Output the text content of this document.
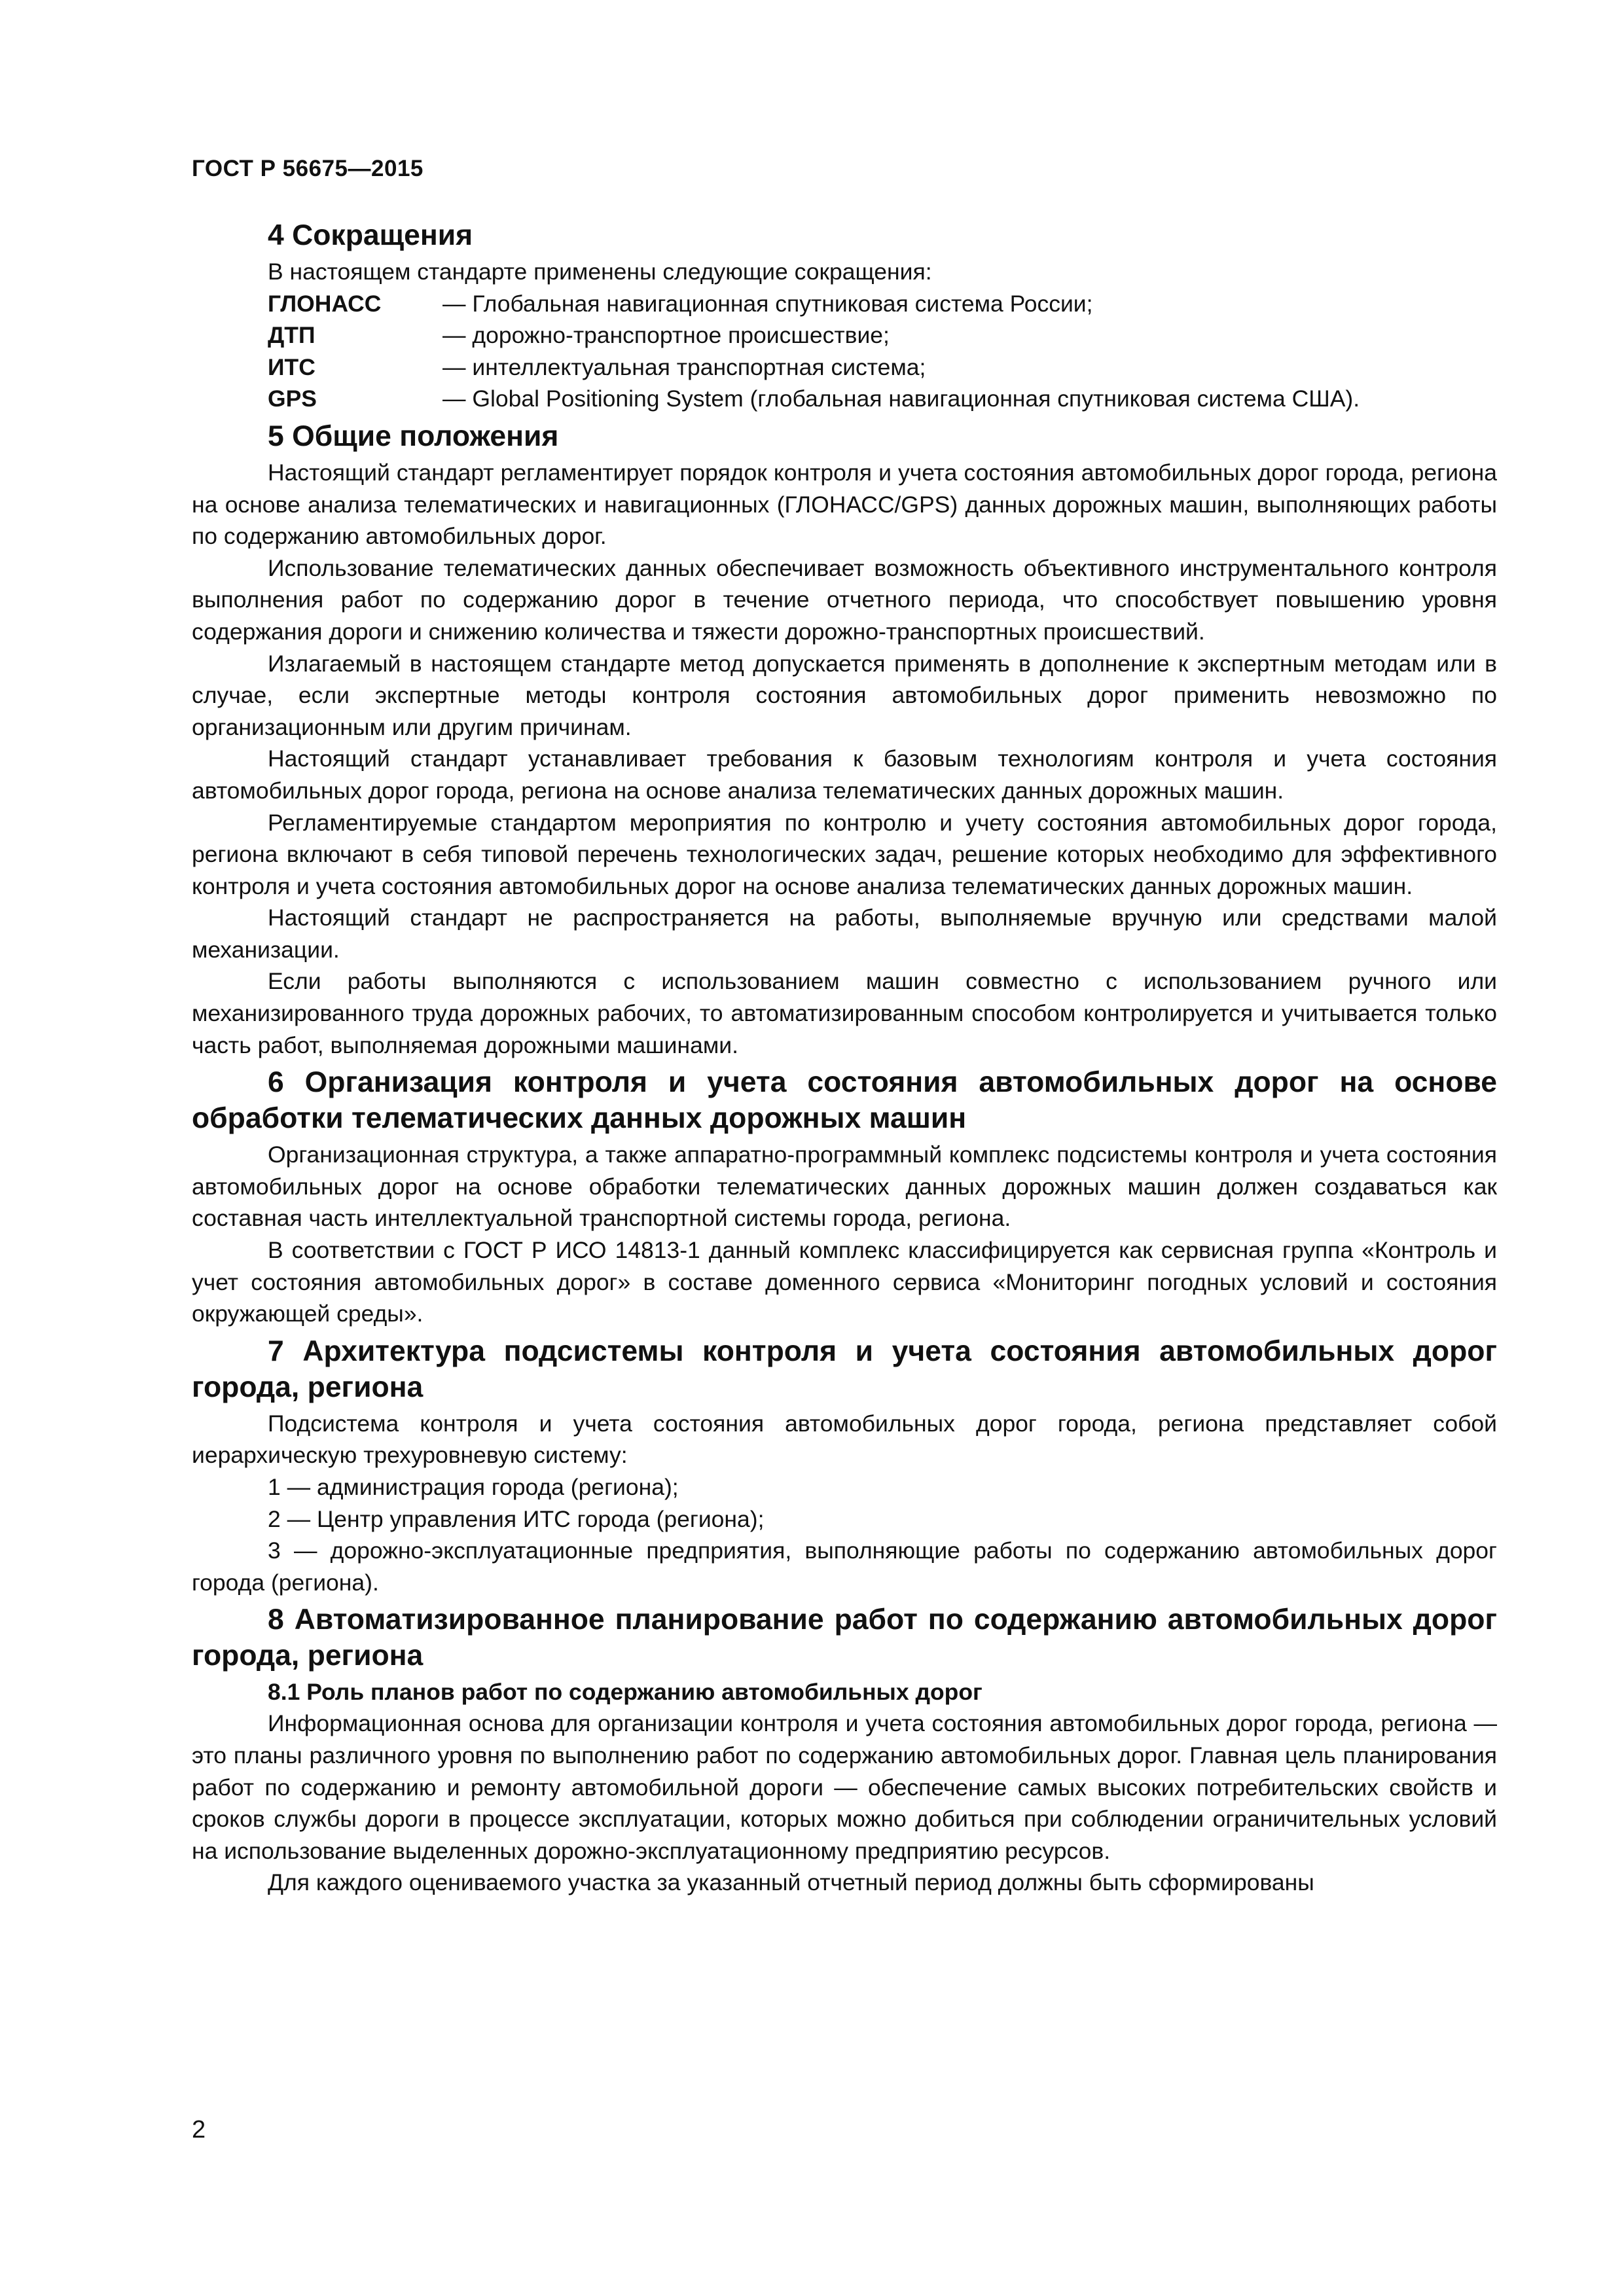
ГОСТ Р 56675—2015
4 Сокращения

В настоящем стандарте применены следующие сокращения:

ГЛОНАСС	— Глобальная навигационная спутниковая система России;
ДТП	— дорожно-транспортное происшествие;
ИТС	— интеллектуальная транспортная система;
GPS	— Global Positioning System (глобальная навигационная спутниковая система США).
5 Общие положения

Настоящий стандарт регламентирует порядок контроля и учета состояния автомобильных дорог города, региона на основе анализа телематических и навигационных (ГЛОНАСС/GPS) данных дорожных машин, выполняющих работы по содержанию автомобильных дорог.

Использование телематических данных обеспечивает возможность объективного инструментального контроля выполнения работ по содержанию дорог в течение отчетного периода, что способствует повышению уровня содержания дороги и снижению количества и тяжести дорожно-транспортных происшествий.

Излагаемый в настоящем стандарте метод допускается применять в дополнение к экспертным методам или в случае, если экспертные методы контроля состояния автомобильных дорог применить невозможно по организационным или другим причинам.

Настоящий стандарт устанавливает требования к базовым технологиям контроля и учета состояния автомобильных дорог города, региона на основе анализа телематических данных дорожных машин.

Регламентируемые стандартом мероприятия по контролю и учету состояния автомобильных дорог города, региона включают в себя типовой перечень технологических задач, решение которых необходимо для эффективного контроля и учета состояния автомобильных дорог на основе анализа телематических данных дорожных машин.

Настоящий стандарт не распространяется на работы, выполняемые вручную или средствами малой механизации.

Если работы выполняются с использованием машин совместно с использованием ручного или механизированного труда дорожных рабочих, то автоматизированным способом контролируется и учитывается только часть работ, выполняемая дорожными машинами.

6 Организация контроля и учета состояния автомобильных дорог на основе обработки телематических данных дорожных машин

Организационная структура, а также аппаратно-программный комплекс подсистемы контроля и учета состояния автомобильных дорог на основе обработки телематических данных дорожных машин должен создаваться как составная часть интеллектуальной транспортной системы города, региона.

В соответствии с ГОСТ Р ИСО 14813-1 данный комплекс классифицируется как сервисная группа «Контроль и учет состояния автомобильных дорог» в составе доменного сервиса «Мониторинг погодных условий и состояния окружающей среды».

7 Архитектура подсистемы контроля и учета состояния автомобильных дорог города, региона

Подсистема контроля и учета состояния автомобильных дорог города, региона представляет собой иерархическую трехуровневую систему:

1 — администрация города (региона);

2 — Центр управления ИТС города (региона);

3 — дорожно-эксплуатационные предприятия, выполняющие работы по содержанию автомобильных дорог города (региона).

8 Автоматизированное планирование работ по содержанию автомобильных дорог города, региона
8.1 Роль планов работ по содержанию автомобильных дорог

Информационная основа для организации контроля и учета состояния автомобильных дорог города, региона — это планы различного уровня по выполнению работ по содержанию автомобильных дорог. Главная цель планирования работ по содержанию и ремонту автомобильной дороги — обеспечение самых высоких потребительских свойств и сроков службы дороги в процессе эксплуатации, которых можно добиться при соблюдении ограничительных условий на использование выделенных дорожно-эксплуатационному предприятию ресурсов.

Для каждого оцениваемого участка за указанный отчетный период должны быть сформированы

2
